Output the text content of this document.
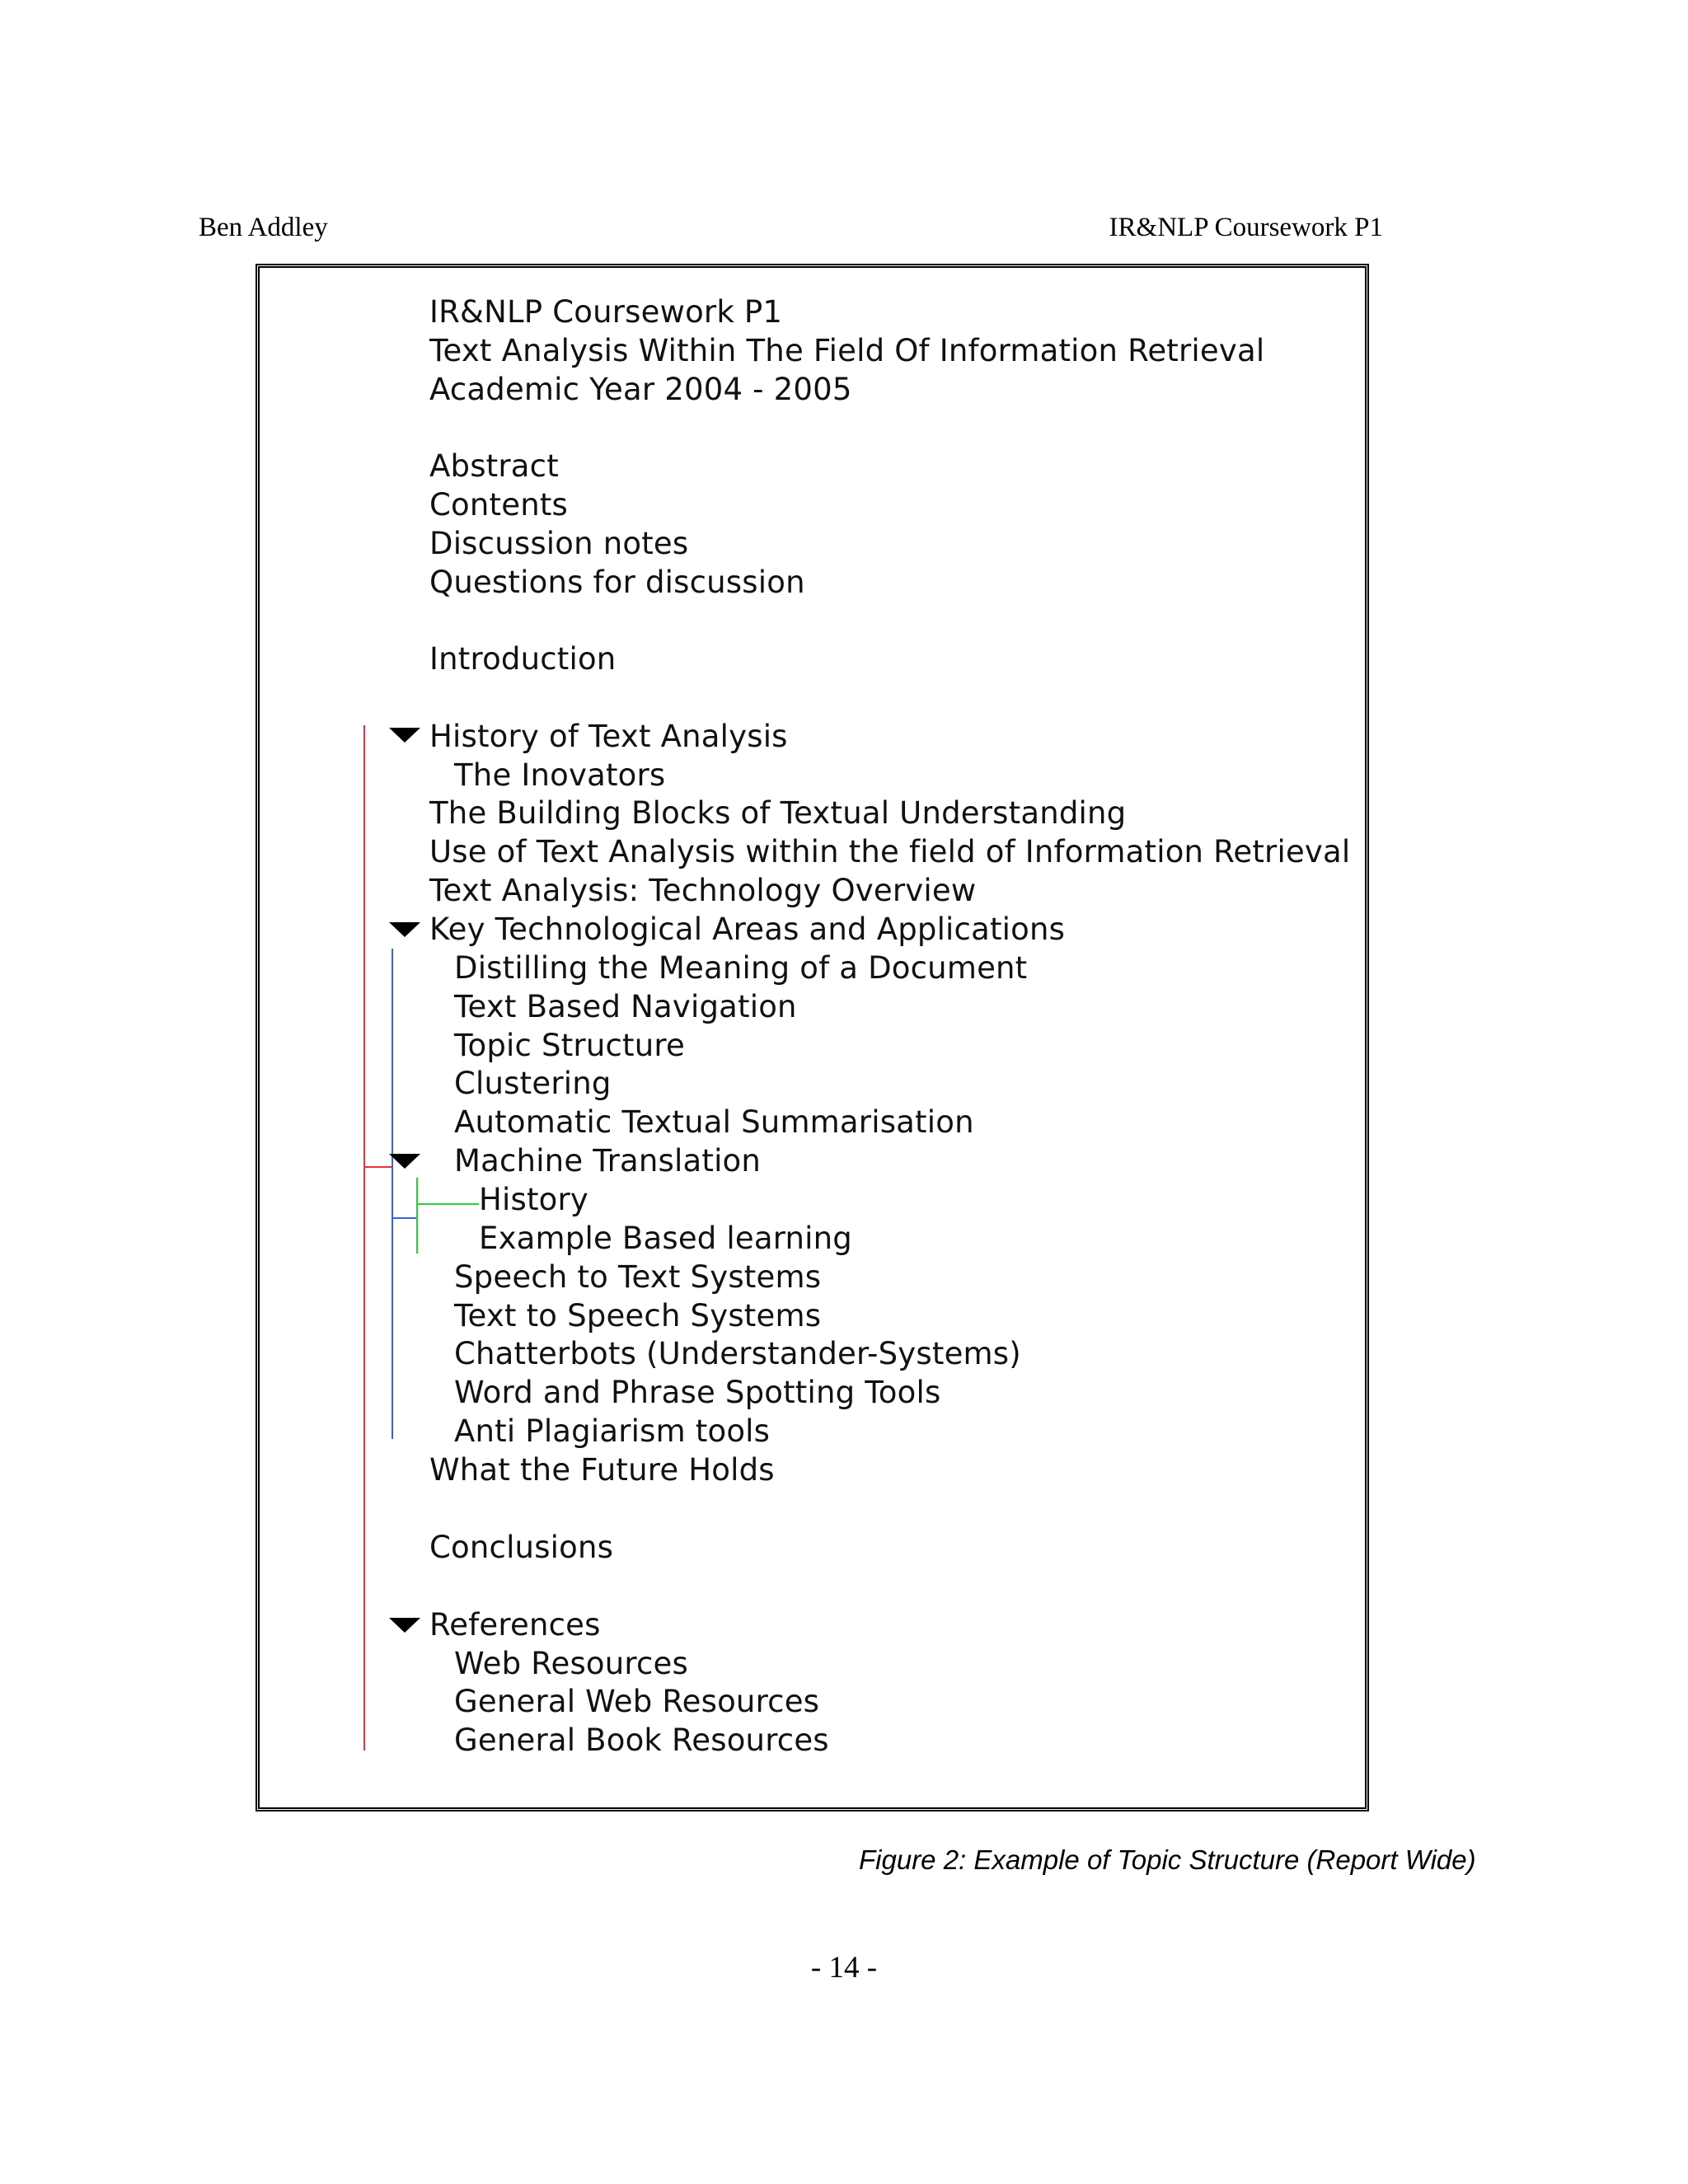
Ben Addley	IR&NLP Coursework P1
IR&NLP Coursework P1
Text Analysis Within The Field Of Information Retrieval
Academic Year 2004 - 2005
Abstract
Contents
Discussion notes
Questions for discussion
Introduction
History of Text Analysis
The Inovators
The Building Blocks of Textual Understanding
Use of Text Analysis within the field of Information Retrieval
Text Analysis: Technology Overview
Key Technological Areas and Applications
Distilling the Meaning of a Document
Text Based Navigation
Topic Structure
Clustering
Automatic Textual Summarisation
Machine Translation
History
Example Based learning
Speech to Text Systems
Text to Speech Systems
Chatterbots (Understander-Systems)
Word and Phrase Spotting Tools
Anti Plagiarism tools
What the Future Holds
Conclusions
References
Web Resources
General Web Resources
General Book Resources
Figure 2: Example of Topic Structure (Report Wide)
- 14 -
